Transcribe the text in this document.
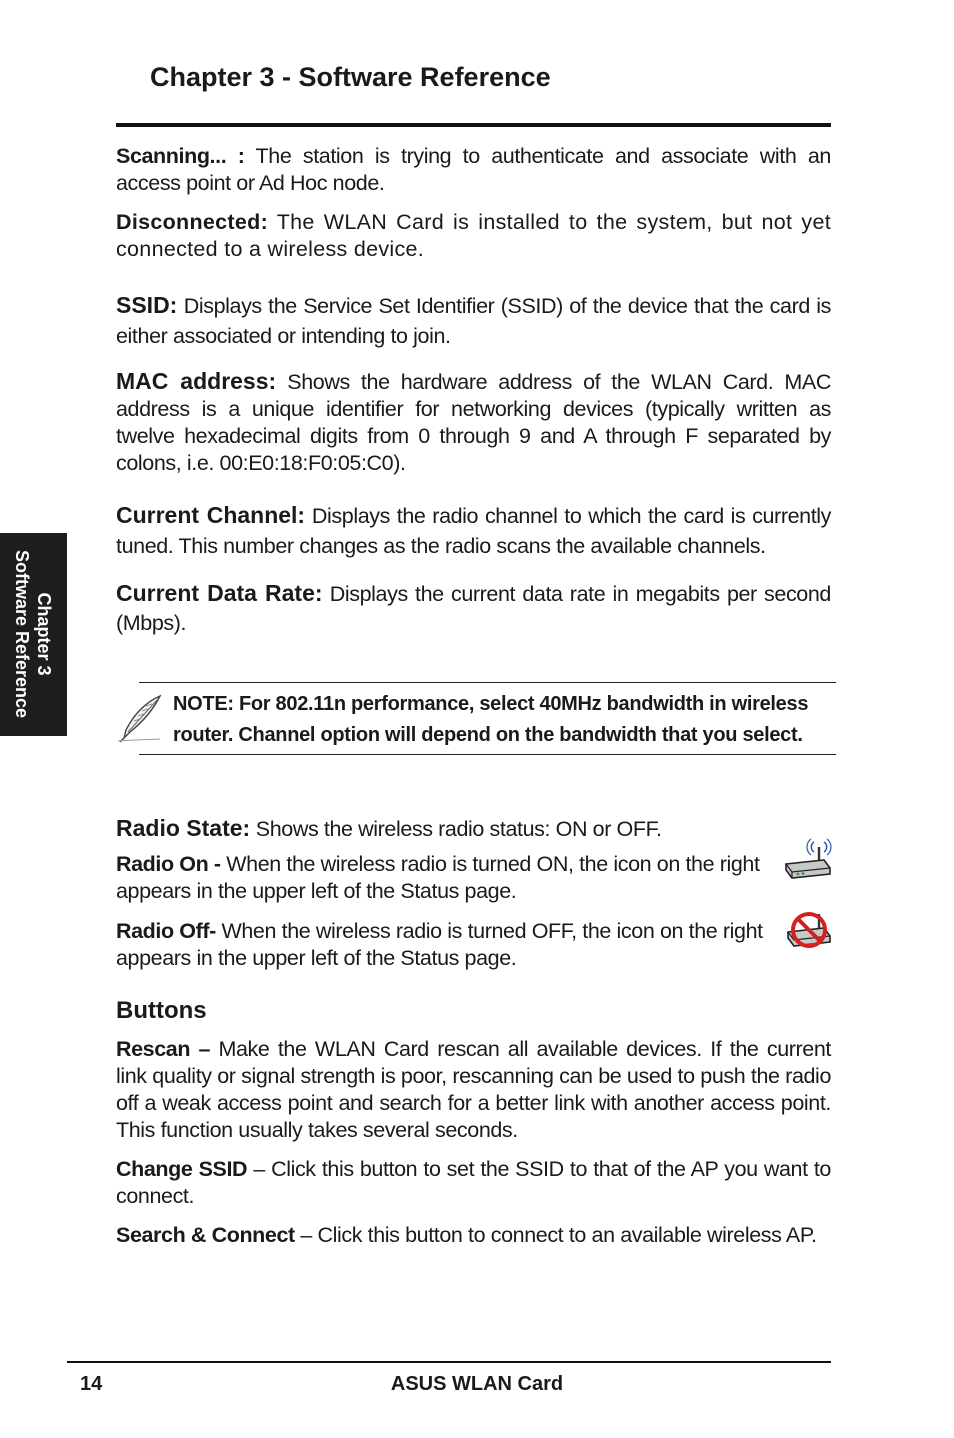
Chapter 3 - Software Reference

Scanning... : The station is trying to authenticate and associate with an access point or Ad Hoc node.

Disconnected: The WLAN Card is installed to the system, but not yet connected to a wireless device.

SSID: Displays the Service Set Identifier (SSID) of the device that the card is either associated or intending to join.

MAC address: Shows the hardware address of the WLAN Card. MAC address is a unique identifier for networking devices (typically written as twelve hexadecimal digits from 0 through 9 and A through F separated by colons, i.e. 00:E0:18:F0:05:C0).

Current Channel: Displays the radio channel to which the card is currently tuned. This number changes as the radio scans the available channels.

Current Data Rate: Displays the current data rate in megabits per second (Mbps).

Chapter 3
Software Reference	NOTE: For 802.11n performance, select 40MHz bandwidth in wireless router. Channel option will depend on the bandwidth that you select.

Radio State: Shows the wireless radio status: ON or OFF.

Radio On - When the wireless radio is turned ON, the icon on the right appears in the upper left of the Status page.

Radio Off- When the wireless radio is turned OFF, the icon on the right appears in the upper left of the Status page.

Buttons

Rescan – Make the WLAN Card rescan all available devices. If the current link quality or signal strength is poor, rescanning can be used to push the radio off a weak access point and search for a better link with another access point. This function usually takes several seconds.

Change SSID – Click this button to set the SSID to that of the AP you want to connect.

Search & Connect – Click this button to connect to an available wireless AP.

14	ASUS WLAN Card
